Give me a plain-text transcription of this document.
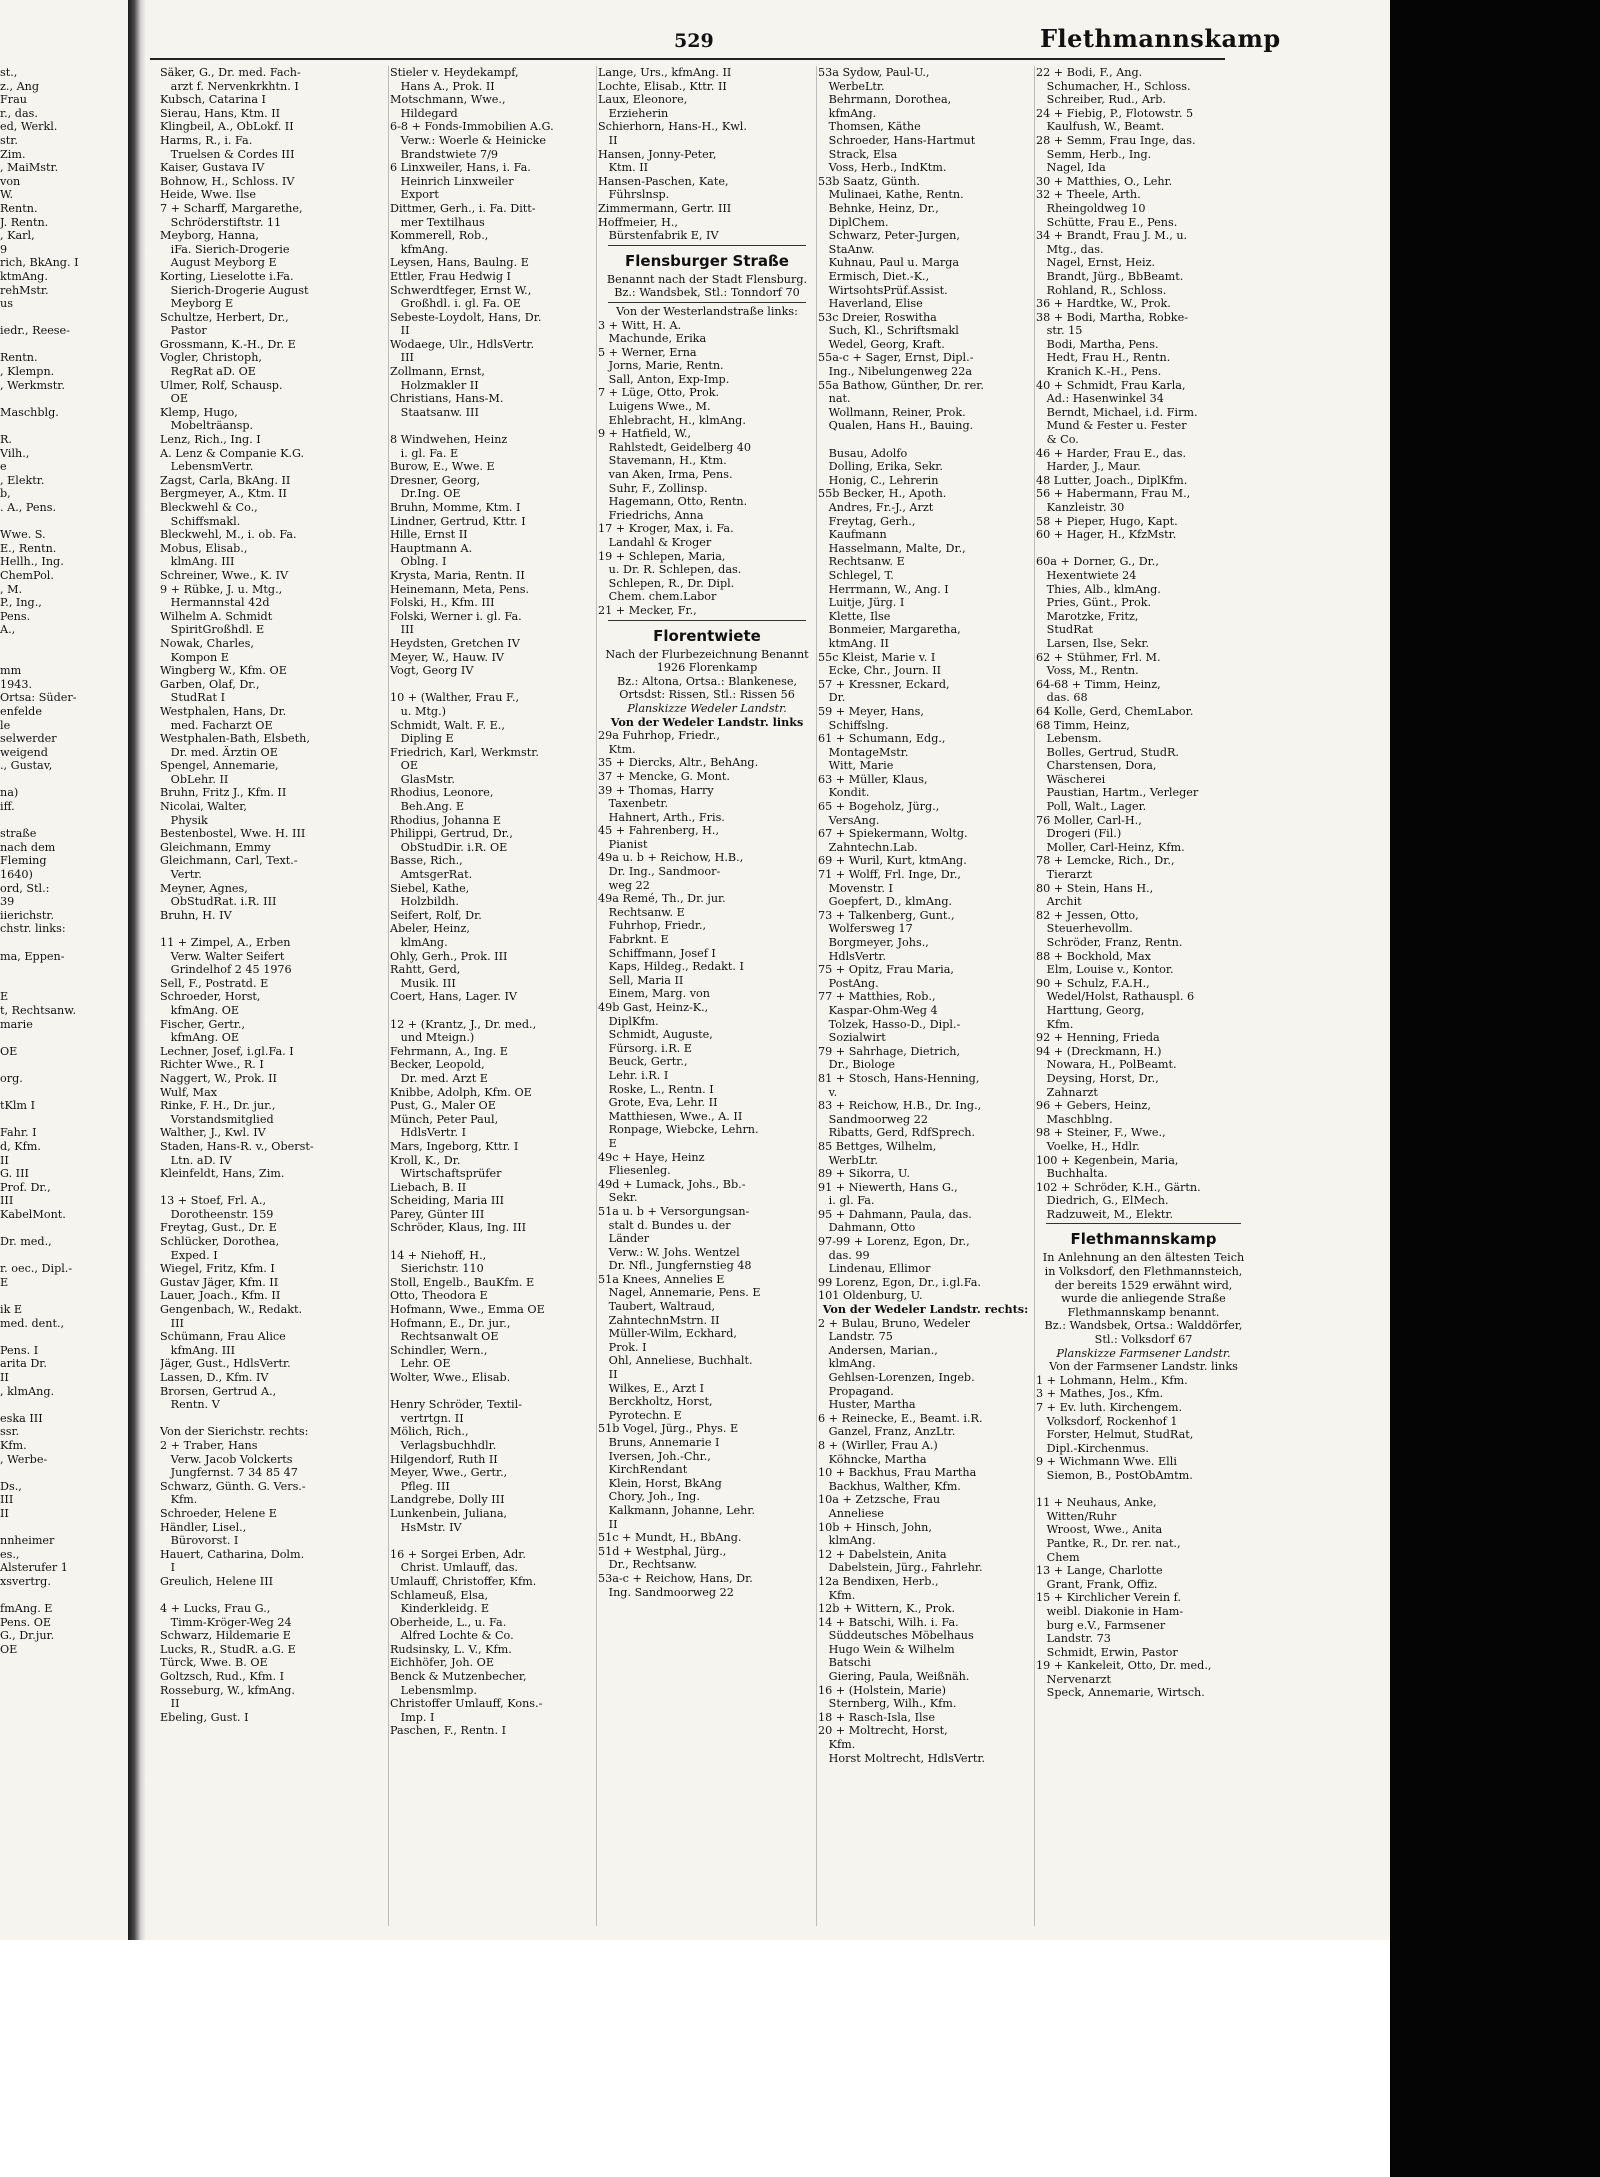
529	Flethmannskamp
st.,
z., Ang
Frau
r., das.
ed, Werkl.
str.
Zim.
, MaiMstr.
von
W.
Rentn.
J. Rentn.
, Karl,
9
rich, BkAng. I
ktmAng.
rehMstr.
us

iedr., Reese-

Rentn.
, Klempn.
, Werkmstr.

Maschblg.

R.
Vilh.,
e
, Elektr.
b,
. A., Pens.

Wwe. S.
E., Rentn.
Hellh., Ing.
ChemPol.
, M.
P., Ing.,
Pens.
A.,

mm
1943.
Ortsa: Süder-
enfelde
le
selwerder
weigend
., Gustav,

na)
iff.

straße
nach dem
Fleming
1640)
ord, Stl.:
39
iierichstr.
chstr. links:

ma, Eppen-

E
t, Rechtsanw.
marie

OE

org.

tKlm I

Fahr. I
d, Kfm.
II
G. III
Prof. Dr.,
III
KabelMont.

Dr. med.,

r. oec., Dipl.-
E

ik E
med. dent.,

Pens. I
arita Dr.
II
, klmAng.

eska III
ssr.
Kfm.
, Werbe-

Ds.,
III
II

nnheimer
es.,
Alsterufer 1
xsvertrg.

fmAng. E
Pens. OE
G., Dr.jur.
OE
Säker, G., Dr. med. Fach-
arzt f. Nervenkrkhtn. I
Kubsch, Catarina I
Sierau, Hans, Ktm. II
Klingbeil, A., ObLokf. II
Harms, R., i. Fa.
Truelsen & Cordes III
Kaiser, Gustava IV
Bohnow, H., Schloss. IV
Heide, Wwe. Ilse
7 + Scharff, Margarethe,
Schröderstiftstr. 11
Meyborg, Hanna,
iFa. Sierich-Drogerie
August Meyborg E
Korting, Lieselotte i.Fa.
Sierich-Drogerie August
Meyborg E
Schultze, Herbert, Dr.,
Pastor
Grossmann, K.-H., Dr. E
Vogler, Christoph,
RegRat aD. OE
Ulmer, Rolf, Schausp.
OE
Klemp, Hugo,
Mobelträansp.
Lenz, Rich., Ing. I
A. Lenz & Companie K.G.
LebensmVertr.
Zagst, Carla, BkAng. II
Bergmeyer, A., Ktm. II
Bleckwehl & Co.,
Schiffsmakl.
Bleckwehl, M., i. ob. Fa.
Mobus, Elisab.,
klmAng. III
Schreiner, Wwe., K. IV
9 + Rübke, J. u. Mtg.,
Hermannstal 42d
Wilhelm A. Schmidt
SpiritGroßhdl. E
Nowak, Charles,
Kompon E
Wingberg W., Kfm. OE
Garben, Olaf, Dr.,
StudRat I
Westphalen, Hans, Dr.
med. Facharzt OE
Westphalen-Bath, Elsbeth,
Dr. med. Ärztin OE
Spengel, Annemarie,
ObLehr. II
Bruhn, Fritz J., Kfm. II
Nicolai, Walter,
Physik
Bestenbostel, Wwe. H. III
Gleichmann, Emmy
Gleichmann, Carl, Text.-
Vertr.
Meyner, Agnes,
ObStudRat. i.R. III
Bruhn, H. IV

11 + Zimpel, A., Erben
Verw. Walter Seifert
Grindelhof 2 45 1976
Sell, F., Postratd. E
Schroeder, Horst,
kfmAng. OE
Fischer, Gertr.,
kfmAng. OE
Lechner, Josef, i.gl.Fa. I
Richter Wwe., R. I
Naggert, W., Prok. II
Wulf, Max
Rinke, F. H., Dr. jur.,
Vorstandsmitglied
Walther, J., Kwl. IV
Staden, Hans-R. v., Oberst-
Ltn. aD. IV
Kleinfeldt, Hans, Zim.

13 + Stoef, Frl. A.,
Dorotheenstr. 159
Freytag, Gust., Dr. E
Schlücker, Dorothea,
Exped. I
Wiegel, Fritz, Kfm. I
Gustav Jäger, Kfm. II
Lauer, Joach., Kfm. II
Gengenbach, W., Redakt.
III
Schümann, Frau Alice
kfmAng. III
Jäger, Gust., HdlsVertr.
Lassen, D., Kfm. IV
Brorsen, Gertrud A.,
Rentn. V

Von der Sierichstr. rechts:
2 + Traber, Hans
Verw. Jacob Volckerts
Jungfernst. 7 34 85 47
Schwarz, Günth. G. Vers.-
Kfm.
Schroeder, Helene E
Händler, Lisel.,
Bürovorst. I
Hauert, Catharina, Dolm.
I
Greulich, Helene III

4 + Lucks, Frau G.,
Timm-Kröger-Weg 24
Schwarz, Hildemarie E
Lucks, R., StudR. a.G. E
Türck, Wwe. B. OE
Goltzsch, Rud., Kfm. I
Rosseburg, W., kfmAng.
II
Ebeling, Gust. I
Stieler v. Heydekampf,
Hans A., Prok. II
Motschmann, Wwe.,
Hildegard
6-8 + Fonds-Immobilien A.G.
Verw.: Woerle & Heinicke
Brandstwiete 7/9
6 Linxweiler, Hans, i. Fa.
Heinrich Linxweiler
Export
Dittmer, Gerh., i. Fa. Ditt-
mer Textilhaus
Kommerell, Rob.,
kfmAng.
Leysen, Hans, Baulng. E
Ettler, Frau Hedwig I
Schwerdtfeger, Ernst W.,
Großhdl. i. gl. Fa. OE
Sebeste-Loydolt, Hans, Dr.
II
Wodaege, Ulr., HdlsVertr.
III
Zollmann, Ernst,
Holzmakler II
Christians, Hans-M.
Staatsanw. III

8 Windwehen, Heinz
i. gl. Fa. E
Burow, E., Wwe. E
Dresner, Georg,
Dr.Ing. OE
Bruhn, Momme, Ktm. I
Lindner, Gertrud, Kttr. I
Hille, Ernst II
Hauptmann A.
Oblng. I
Krysta, Maria, Rentn. II
Heinemann, Meta, Pens.
Folski, H., Kfm. III
Folski, Werner i. gl. Fa.
III
Heydsten, Gretchen IV
Meyer, W., Hauw. IV
Vogt, Georg IV

10 + (Walther, Frau F.,
u. Mtg.)
Schmidt, Walt. F. E.,
Dipling E
Friedrich, Karl, Werkmstr.
OE
GlasMstr.
Rhodius, Leonore,
Beh.Ang. E
Rhodius, Johanna E
Philippi, Gertrud, Dr.,
ObStudDir. i.R. OE
Basse, Rich.,
AmtsgerRat.
Siebel, Kathe,
Holzbildh.
Seifert, Rolf, Dr.
Abeler, Heinz,
klmAng.
Ohly, Gerh., Prok. III
Rahtt, Gerd,
Musik. III
Coert, Hans, Lager. IV

12 + (Krantz, J., Dr. med.,
und Mteign.)
Fehrmann, A., Ing. E
Becker, Leopold,
Dr. med. Arzt E
Knibbe, Adolph, Kfm. OE
Pust, G., Maler OE
Münch, Peter Paul,
HdlsVertr. I
Mars, Ingeborg, Kttr. I
Kroll, K., Dr.
Wirtschaftsprüfer
Liebach, B. II
Scheiding, Maria III
Parey, Günter III
Schröder, Klaus, Ing. III

14 + Niehoff, H.,
Sierichstr. 110
Stoll, Engelb., BauKfm. E
Otto, Theodora E
Hofmann, Wwe., Emma OE
Hofmann, E., Dr. jur.,
Rechtsanwalt OE
Schindler, Wern.,
Lehr. OE
Wolter, Wwe., Elisab.

Henry Schröder, Textil-
vertrtgn. II
Mölich, Rich.,
Verlagsbuchhdlr.
Hilgendorf, Ruth II
Meyer, Wwe., Gertr.,
Pfleg. III
Landgrebe, Dolly III
Lunkenbein, Juliana,
HsMstr. IV

16 + Sorgei Erben, Adr.
Christ. Umlauff, das.
Umlauff, Christoffer, Kfm.
Schlameuß, Elsa,
Kinderkleidg. E
Oberheide, L., u. Fa.
Alfred Lochte & Co.
Rudsinsky, L. V., Kfm.
Eichhöfer, Joh. OE
Benck & Mutzenbecher,
Lebensmlmp.
Christoffer Umlauff, Kons.-
Imp. I
Paschen, F., Rentn. I
Lange, Urs., kfmAng. II
Lochte, Elisab., Kttr. II
Laux, Eleonore,
Erzieherin
Schierhorn, Hans-H., Kwl.
II
Hansen, Jonny-Peter,
Ktm. II
Hansen-Paschen, Kate,
Führslnsp.
Zimmermann, Gertr. III
Hoffmeier, H.,
Bürstenfabrik E, IV
Flensburger Straße
Benannt nach der Stadt Flensburg.
Bz.: Wandsbek, Stl.: Tonndorf 70
Von der Westerlandstraße links:
3 + Witt, H. A.
Machunde, Erika
5 + Werner, Erna
Jorns, Marie, Rentn.
Sall, Anton, Exp-Imp.
7 + Lüge, Otto, Prok.
Luigens Wwe., M.
Ehlebracht, H., klmAng.
9 + Hatfield, W.,
Rahlstedt, Geidelberg 40
Stavemann, H., Ktm.
van Aken, Irma, Pens.
Suhr, F., Zollinsp.
Hagemann, Otto, Rentn.
Friedrichs, Anna
17 + Kroger, Max, i. Fa.
Landahl & Kroger
19 + Schlepen, Maria,
u. Dr. R. Schlepen, das.
Schlepen, R., Dr. Dipl.
Chem. chem.Labor
21 + Mecker, Fr.,
Florentwiete
Nach der Flurbezeichnung Benannt 1926 Florenkamp
Bz.: Altona, Ortsa.: Blankenese, Ortsdst: Rissen, Stl.: Rissen 56
Planskizze Wedeler Landstr.
Von der Wedeler Landstr. links
29a Fuhrhop, Friedr.,
Ktm.
35 + Diercks, Altr., BehAng.
37 + Mencke, G. Mont.
39 + Thomas, Harry
Taxenbetr.
Hahnert, Arth., Fris.
45 + Fahrenberg, H.,
Pianist
49a u. b + Reichow, H.B.,
Dr. Ing., Sandmoor-
weg 22
49a Remé, Th., Dr. jur.
Rechtsanw. E
Fuhrhop, Friedr.,
Fabrknt. E
Schiffmann, Josef I
Kaps, Hildeg., Redakt. I
Sell, Maria II
Einem, Marg. von
49b Gast, Heinz-K.,
DiplKfm.
Schmidt, Auguste,
Fürsorg. i.R. E
Beuck, Gertr.,
Lehr. i.R. I
Roske, L., Rentn. I
Grote, Eva, Lehr. II
Matthiesen, Wwe., A. II
Ronpage, Wiebcke, Lehrn.
E
49c + Haye, Heinz
Fliesenleg.
49d + Lumack, Johs., Bb.-
Sekr.
51a u. b + Versorgungsan-
stalt d. Bundes u. der
Länder
Verw.: W. Johs. Wentzel
Dr. Nfl., Jungfernstieg 48
51a Knees, Annelies E
Nagel, Annemarie, Pens. E
Taubert, Waltraud,
ZahntechnMstrn. II
Müller-Wilm, Eckhard,
Prok. I
Ohl, Anneliese, Buchhalt.
II
Wilkes, E., Arzt I
Berckholtz, Horst,
Pyrotechn. E
51b Vogel, Jürg., Phys. E
Bruns, Annemarie I
Iversen, Joh.-Chr.,
KirchRendant
Klein, Horst, BkAng
Chory, Joh., Ing.
Kalkmann, Johanne, Lehr.
II
51c + Mundt, H., BbAng.
51d + Westphal, Jürg.,
Dr., Rechtsanw.
53a-c + Reichow, Hans, Dr.
Ing. Sandmoorweg 22
53a Sydow, Paul-U.,
WerbeLtr.
Behrmann, Dorothea,
kfmAng.
Thomsen, Käthe
Schroeder, Hans-Hartmut
Strack, Elsa
Voss, Herb., IndKtm.
53b Saatz, Günth.
Mulinaei, Kathe, Rentn.
Behnke, Heinz, Dr.,
DiplChem.
Schwarz, Peter-Jurgen,
StaAnw.
Kuhnau, Paul u. Marga
Ermisch, Diet.-K.,
WirtsohtsPrüf.Assist.
Haverland, Elise
53c Dreier, Roswitha
Such, Kl., Schriftsmakl
Wedel, Georg, Kraft.
55a-c + Sager, Ernst, Dipl.-
Ing., Nibelungenweg 22a
55a Bathow, Günther, Dr. rer.
nat.
Wollmann, Reiner, Prok.
Qualen, Hans H., Bauing.

Busau, Adolfo
Dolling, Erika, Sekr.
Honig, C., Lehrerin
55b Becker, H., Apoth.
Andres, Fr.-J., Arzt
Freytag, Gerh.,
Kaufmann
Hasselmann, Malte, Dr.,
Rechtsanw. E
Schlegel, T.
Herrmann, W., Ang. I
Luitje, Jürg. I
Klette, Ilse
Bonmeier, Margaretha,
ktmAng. II
55c Kleist, Marie v. I
Ecke, Chr., Journ. II
57 + Kressner, Eckard,
Dr.
59 + Meyer, Hans,
Schiffslng.
61 + Schumann, Edg.,
MontageMstr.
Witt, Marie
63 + Müller, Klaus,
Kondit.
65 + Bogeholz, Jürg.,
VersAng.
67 + Spiekermann, Woltg.
Zahntechn.Lab.
69 + Wuril, Kurt, ktmAng.
71 + Wolff, Frl. Inge, Dr.,
Movenstr. I
Goepfert, D., klmAng.
73 + Talkenberg, Gunt.,
Wolfersweg 17
Borgmeyer, Johs.,
HdlsVertr.
75 + Opitz, Frau Maria,
PostAng.
77 + Matthies, Rob.,
Kaspar-Ohm-Weg 4
Tolzek, Hasso-D., Dipl.-
Sozialwirt
79 + Sahrhage, Dietrich,
Dr., Biologe
81 + Stosch, Hans-Henning,
v.
83 + Reichow, H.B., Dr. Ing.,
Sandmoorweg 22
Ribatts, Gerd, RdfSprech.
85 Bettges, Wilhelm,
WerbLtr.
89 + Sikorra, U.
91 + Niewerth, Hans G.,
i. gl. Fa.
95 + Dahmann, Paula, das.
Dahmann, Otto
97-99 + Lorenz, Egon, Dr.,
das. 99
Lindenau, Ellimor
99 Lorenz, Egon, Dr., i.gl.Fa.
101 Oldenburg, U.
Von der Wedeler Landstr. rechts:
2 + Bulau, Bruno, Wedeler
Landstr. 75
Andersen, Marian.,
klmAng.
Gehlsen-Lorenzen, Ingeb.
Propagand.
Huster, Martha
6 + Reinecke, E., Beamt. i.R.
Ganzel, Franz, AnzLtr.
8 + (Wirller, Frau A.)
Köhncke, Martha
10 + Backhus, Frau Martha
Backhus, Walther, Kfm.
10a + Zetzsche, Frau
Anneliese
10b + Hinsch, John,
klmAng.
12 + Dabelstein, Anita
Dabelstein, Jürg., Fahrlehr.
12a Bendixen, Herb.,
Kfm.
12b + Wittern, K., Prok.
14 + Batschi, Wilh. i. Fa.
Süddeutsches Möbelhaus
Hugo Wein & Wilhelm
Batschi
Giering, Paula, Weißnäh.
16 + (Holstein, Marie)
Sternberg, Wilh., Kfm.
18 + Rasch-Isla, Ilse
20 + Moltrecht, Horst,
Kfm.
Horst Moltrecht, HdlsVertr.
22 + Bodi, F., Ang.
Schumacher, H., Schloss.
Schreiber, Rud., Arb.
24 + Fiebig, P., Flotowstr. 5
Kaulfush, W., Beamt.
28 + Semm, Frau Inge, das.
Semm, Herb., Ing.
Nagel, Ida
30 + Matthies, O., Lehr.
32 + Theele, Arth.
Rheingoldweg 10
Schütte, Frau E., Pens.
34 + Brandt, Frau J. M., u.
Mtg., das.
Nagel, Ernst, Heiz.
Brandt, Jürg., BbBeamt.
Rohland, R., Schloss.
36 + Hardtke, W., Prok.
38 + Bodi, Martha, Robke-
str. 15
Bodi, Martha, Pens.
Hedt, Frau H., Rentn.
Kranich K.-H., Pens.
40 + Schmidt, Frau Karla,
Ad.: Hasenwinkel 34
Berndt, Michael, i.d. Firm.
Mund & Fester u. Fester
& Co.
46 + Harder, Frau E., das.
Harder, J., Maur.
48 Lutter, Joach., DiplKfm.
56 + Habermann, Frau M.,
Kanzleistr. 30
58 + Pieper, Hugo, Kapt.
60 + Hager, H., KfzMstr.

60a + Dorner, G., Dr.,
Hexentwiete 24
Thies, Alb., klmAng.
Pries, Günt., Prok.
Marotzke, Fritz,
StudRat
Larsen, Ilse, Sekr.
62 + Stühmer, Frl. M.
Voss, M., Rentn.
64-68 + Timm, Heinz,
das. 68
64 Kolle, Gerd, ChemLabor.
68 Timm, Heinz,
Lebensm.
Bolles, Gertrud, StudR.
Charstensen, Dora,
Wäscherei
Paustian, Hartm., Verleger
Poll, Walt., Lager.
76 Moller, Carl-H.,
Drogeri (Fil.)
Moller, Carl-Heinz, Kfm.
78 + Lemcke, Rich., Dr.,
Tierarzt
80 + Stein, Hans H.,
Archit
82 + Jessen, Otto,
Steuerhevollm.
Schröder, Franz, Rentn.
88 + Bockhold, Max
Elm, Louise v., Kontor.
90 + Schulz, F.A.H.,
Wedel/Holst, Rathauspl. 6
Harttung, Georg,
Kfm.
92 + Henning, Frieda
94 + (Dreckmann, H.)
Nowara, H., PolBeamt.
Deysing, Horst, Dr.,
Zahnarzt
96 + Gebers, Heinz,
Maschblng.
98 + Steiner, F., Wwe.,
Voelke, H., Hdlr.
100 + Kegenbein, Maria,
Buchhalta.
102 + Schröder, K.H., Gärtn.
Diedrich, G., ElMech.
Radzuweit, M., Elektr.
Flethmannskamp
In Anlehnung an den ältesten Teich in Volksdorf, den Flethmannsteich, der bereits 1529 erwähnt wird, wurde die anliegende Straße Flethmannskamp benannt.
Bz.: Wandsbek, Ortsa.: Walddörfer, Stl.: Volksdorf 67
Planskizze Farmsener Landstr.
Von der Farmsener Landstr. links
1 + Lohmann, Helm., Kfm.
3 + Mathes, Jos., Kfm.
7 + Ev. luth. Kirchengem.
Volksdorf, Rockenhof 1
Forster, Helmut, StudRat,
Dipl.-Kirchenmus.
9 + Wichmann Wwe. Elli
Siemon, B., PostObAmtm.

11 + Neuhaus, Anke,
Witten/Ruhr
Wroost, Wwe., Anita
Pantke, R., Dr. rer. nat.,
Chem
13 + Lange, Charlotte
Grant, Frank, Offiz.
15 + Kirchlicher Verein f.
weibl. Diakonie in Ham-
burg e.V., Farmsener
Landstr. 73
Schmidt, Erwin, Pastor
19 + Kankeleit, Otto, Dr. med.,
Nervenarzt
Speck, Annemarie, Wirtsch.
